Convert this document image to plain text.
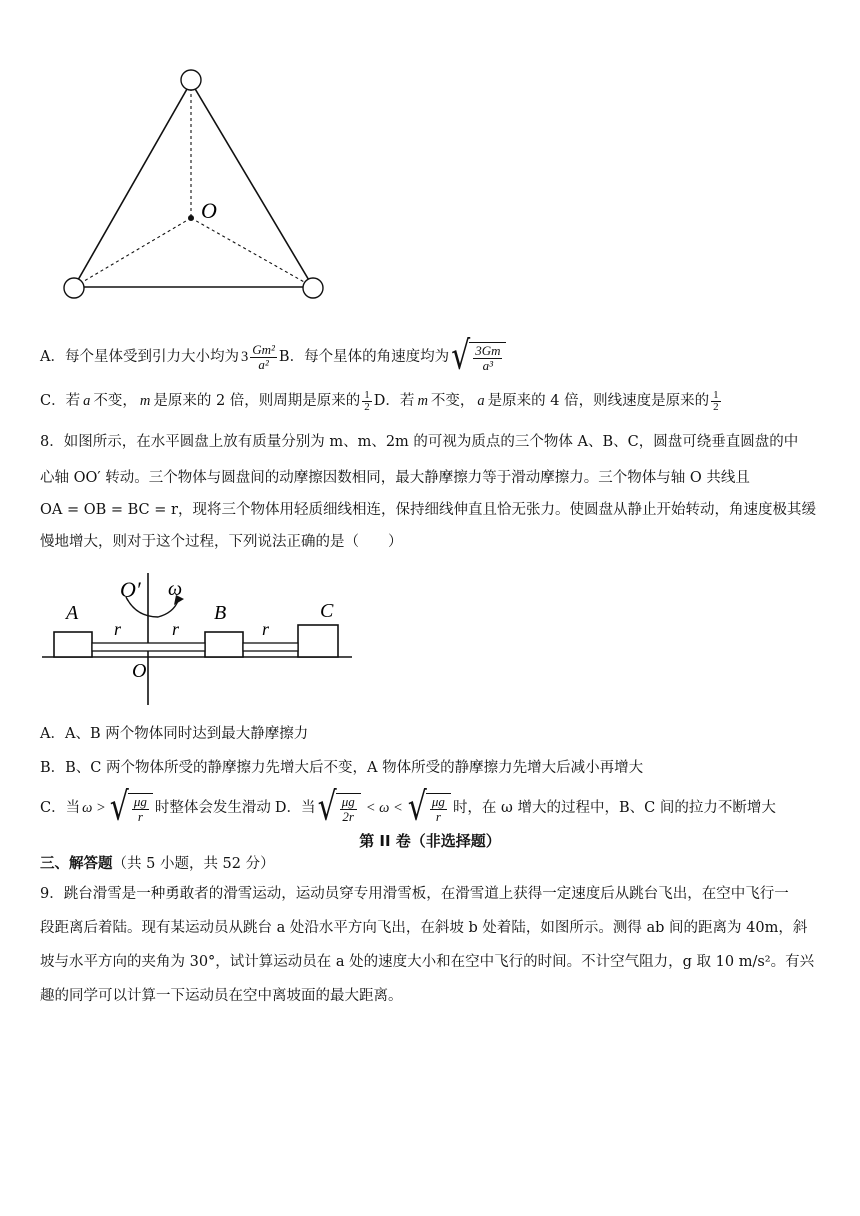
O
A．每个星体受到引力大小均为 $3 \frac{\text{Gm²}}{\text{a²}}$ B．每个星体的角速度均为 √ $\frac{3Gm}{\text{a³}}$
C．若 a 不变， m 是原来的 2 倍，则周期是原来的 $\frac{1}{2}$ D．若 m 不变， a 是原来的 4 倍，则线速度是原来的 $\frac{1}{2}$
8．如图所示，在水平圆盘上放有质量分别为 m、m、2m 的可视为质点的三个物体 A、B、C，圆盘可绕垂直圆盘的中
心轴 OO′ 转动。三个物体与圆盘间的动摩擦因数相同，最大静摩擦力等于滑动摩擦力。三个物体与轴 O 共线且
OA = OB = BC = r，现将三个物体用轻质细线相连，保持细线伸直且恰无张力。使圆盘从静止开始转动，角速度极其缓
慢地增大，则对于这个过程，下列说法正确的是（　　）
O′ ω
A	B	C
r	r	r
O
A．A、B 两个物体同时达到最大静摩擦力
B．B、C 两个物体所受的静摩擦力先增大后不变，A 物体所受的静摩擦力先增大后减小再增大
C．当 ω > √ $\frac{\mu g}{r}$ 时整体会发生滑动 D．当 √ $\frac{\mu g}{2r} < \omega$ < √ $\frac{\mu g}{r}$ 时，在 ω 增大的过程中，B、C 间的拉力不断增大
第 II 卷（非选择题）
三、解答题（共 5 小题，共 52 分）
9．跳台滑雪是一种勇敢者的滑雪运动，运动员穿专用滑雪板，在滑雪道上获得一定速度后从跳台飞出，在空中飞行一
段距离后着陆。现有某运动员从跳台 a 处沿水平方向飞出，在斜坡 b 处着陆，如图所示。测得 ab 间的距离为 40m，斜
坡与水平方向的夹角为 30°，试计算运动员在 a 处的速度大小和在空中飞行的时间。不计空气阻力，g 取 10 m/s²。有兴
趣的同学可以计算一下运动员在空中离坡面的最大距离。
